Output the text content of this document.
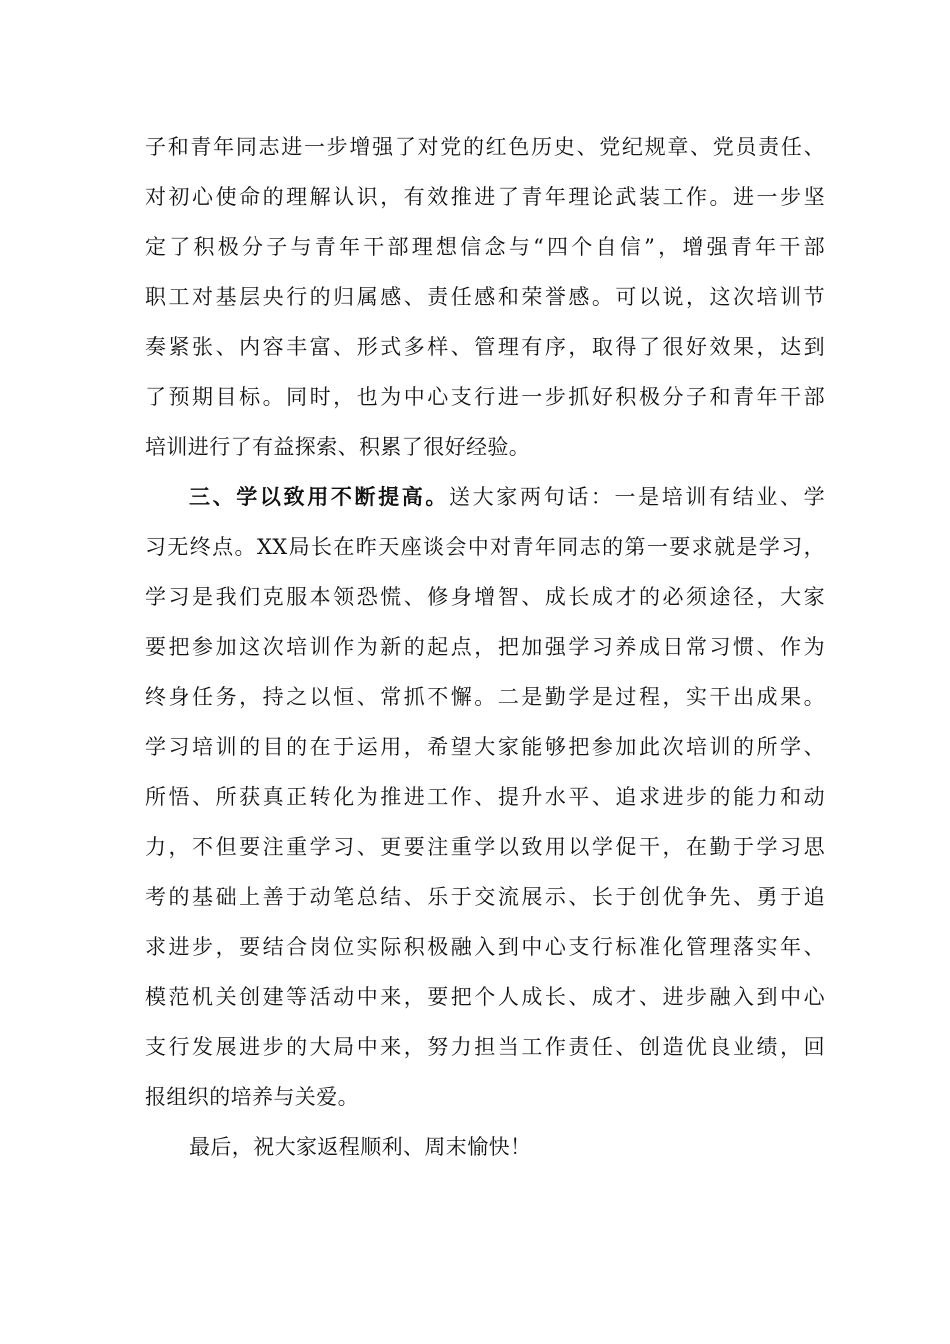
子和青年同志进一步增强了对党的红色历史、党纪规章、党员责任、
对初心使命的理解认识，有效推进了青年理论武装工作。进一步坚
定了积极分子与青年干部理想信念与“四个自信”，增强青年干部
职工对基层央行的归属感、责任感和荣誉感。可以说，这次培训节
奏紧张、内容丰富、形式多样、管理有序，取得了很好效果，达到
了预期目标。同时，也为中心支行进一步抓好积极分子和青年干部
培训进行了有益探索、积累了很好经验。
三、学以致用不断提高。送大家两句话：一是培训有结业、学
习无终点。XX局长在昨天座谈会中对青年同志的第一要求就是学习，
学习是我们克服本领恐慌、修身增智、成长成才的必须途径，大家
要把参加这次培训作为新的起点，把加强学习养成日常习惯、作为
终身任务，持之以恒、常抓不懈。二是勤学是过程，实干出成果。
学习培训的目的在于运用，希望大家能够把参加此次培训的所学、
所悟、所获真正转化为推进工作、提升水平、追求进步的能力和动
力，不但要注重学习、更要注重学以致用以学促干，在勤于学习思
考的基础上善于动笔总结、乐于交流展示、长于创优争先、勇于追
求进步，要结合岗位实际积极融入到中心支行标准化管理落实年、
模范机关创建等活动中来，要把个人成长、成才、进步融入到中心
支行发展进步的大局中来，努力担当工作责任、创造优良业绩，回
报组织的培养与关爱。
最后，祝大家返程顺利、周末愉快！
